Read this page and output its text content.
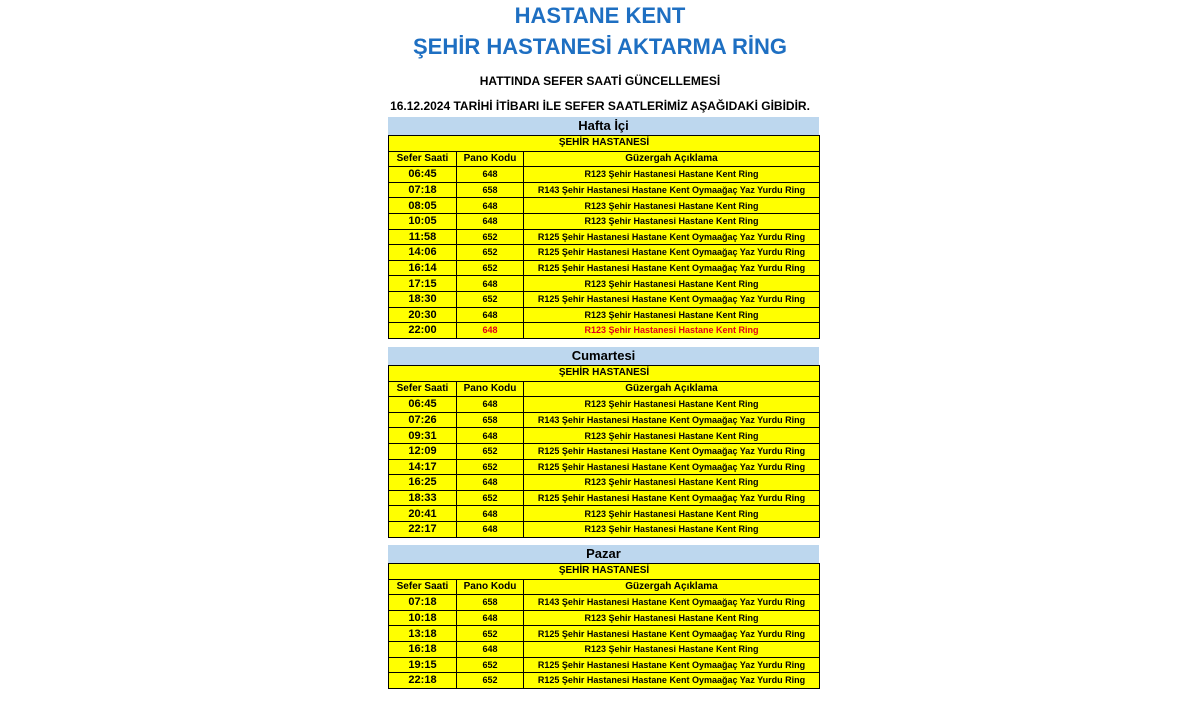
HASTANE KENT
ŞEHİR HASTANESİ AKTARMA RİNG
HATTINDA SEFER SAATİ GÜNCELLEMESİ
16.12.2024 TARİHİ İTİBARI İLE SEFER SAATLERİMİZ AŞAĞIDAKİ GİBİDİR.
Hafta İçi
ŞEHİR HASTANESİ		
Sefer Saati	Pano Kodu	Güzergah Açıklama
06:45	648	R123 Şehir Hastanesi Hastane Kent Ring
07:18	658	R143 Şehir Hastanesi Hastane Kent Oymaağaç Yaz Yurdu Ring
08:05	648	R123 Şehir Hastanesi Hastane Kent Ring
10:05	648	R123 Şehir Hastanesi Hastane Kent Ring
11:58	652	R125 Şehir Hastanesi Hastane Kent Oymaağaç Yaz Yurdu Ring
14:06	652	R125 Şehir Hastanesi Hastane Kent Oymaağaç Yaz Yurdu Ring
16:14	652	R125 Şehir Hastanesi Hastane Kent Oymaağaç Yaz Yurdu Ring
17:15	648	R123 Şehir Hastanesi Hastane Kent Ring
18:30	652	R125 Şehir Hastanesi Hastane Kent Oymaağaç Yaz Yurdu Ring
20:30	648	R123 Şehir Hastanesi Hastane Kent Ring
22:00	648	R123 Şehir Hastanesi Hastane Kent Ring
Cumartesi
ŞEHİR HASTANESİ		
Sefer Saati	Pano Kodu	Güzergah Açıklama
06:45	648	R123 Şehir Hastanesi Hastane Kent Ring
07:26	658	R143 Şehir Hastanesi Hastane Kent Oymaağaç Yaz Yurdu Ring
09:31	648	R123 Şehir Hastanesi Hastane Kent Ring
12:09	652	R125 Şehir Hastanesi Hastane Kent Oymaağaç Yaz Yurdu Ring
14:17	652	R125 Şehir Hastanesi Hastane Kent Oymaağaç Yaz Yurdu Ring
16:25	648	R123 Şehir Hastanesi Hastane Kent Ring
18:33	652	R125 Şehir Hastanesi Hastane Kent Oymaağaç Yaz Yurdu Ring
20:41	648	R123 Şehir Hastanesi Hastane Kent Ring
22:17	648	R123 Şehir Hastanesi Hastane Kent Ring
Pazar
ŞEHİR HASTANESİ		
Sefer Saati	Pano Kodu	Güzergah Açıklama
07:18	658	R143 Şehir Hastanesi Hastane Kent Oymaağaç Yaz Yurdu Ring
10:18	648	R123 Şehir Hastanesi Hastane Kent Ring
13:18	652	R125 Şehir Hastanesi Hastane Kent Oymaağaç Yaz Yurdu Ring
16:18	648	R123 Şehir Hastanesi Hastane Kent Ring
19:15	652	R125 Şehir Hastanesi Hastane Kent Oymaağaç Yaz Yurdu Ring
22:18	652	R125 Şehir Hastanesi Hastane Kent Oymaağaç Yaz Yurdu Ring
